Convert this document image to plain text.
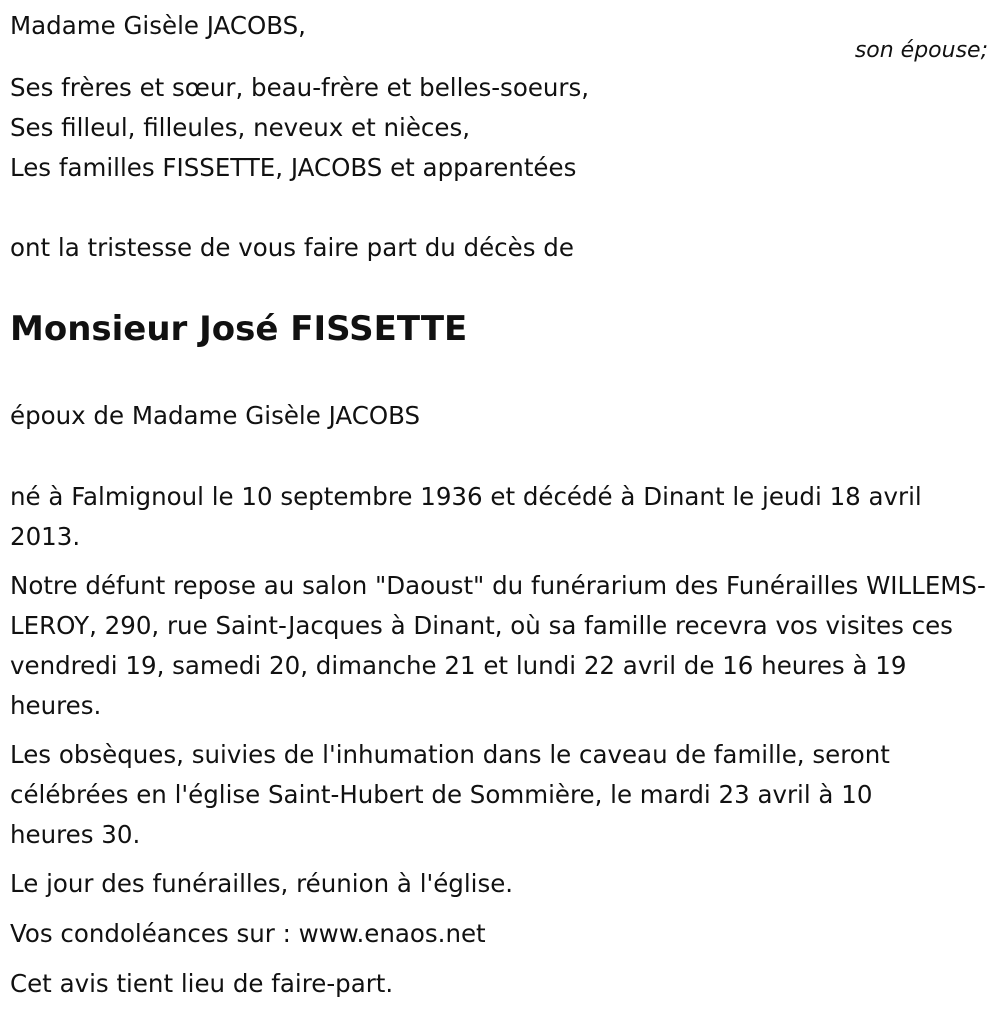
Madame Gisèle JACOBS,

Ses frères et sœur, beau-frère et belles-soeurs,

Ses filleul, filleules, neveux et nièces,

Les familles FISSETTE, JACOBS et apparentées

ont la tristesse de vous faire part du décès de

Monsieur José FISSETTE

époux de Madame Gisèle JACOBS

né à Falmignoul le 10 septembre 1936 et décédé à Dinant le jeudi 18 avril 2013.

Notre défunt repose au salon "Daoust" du funérarium des Funérailles WILLEMS-LEROY, 290, rue Saint-Jacques à Dinant, où sa famille recevra vos visites ces vendredi 19, samedi 20, dimanche 21 et lundi 22 avril de 16 heures à 19 heures.

Les obsèques, suivies de l'inhumation dans le caveau de famille, seront célébrées en l'église Saint-Hubert de Sommière, le mardi 23 avril à 10 heures 30.

Le jour des funérailles, réunion à l'église.

Vos condoléances sur : www.enaos.net

Cet avis tient lieu de faire-part.

son épouse;
